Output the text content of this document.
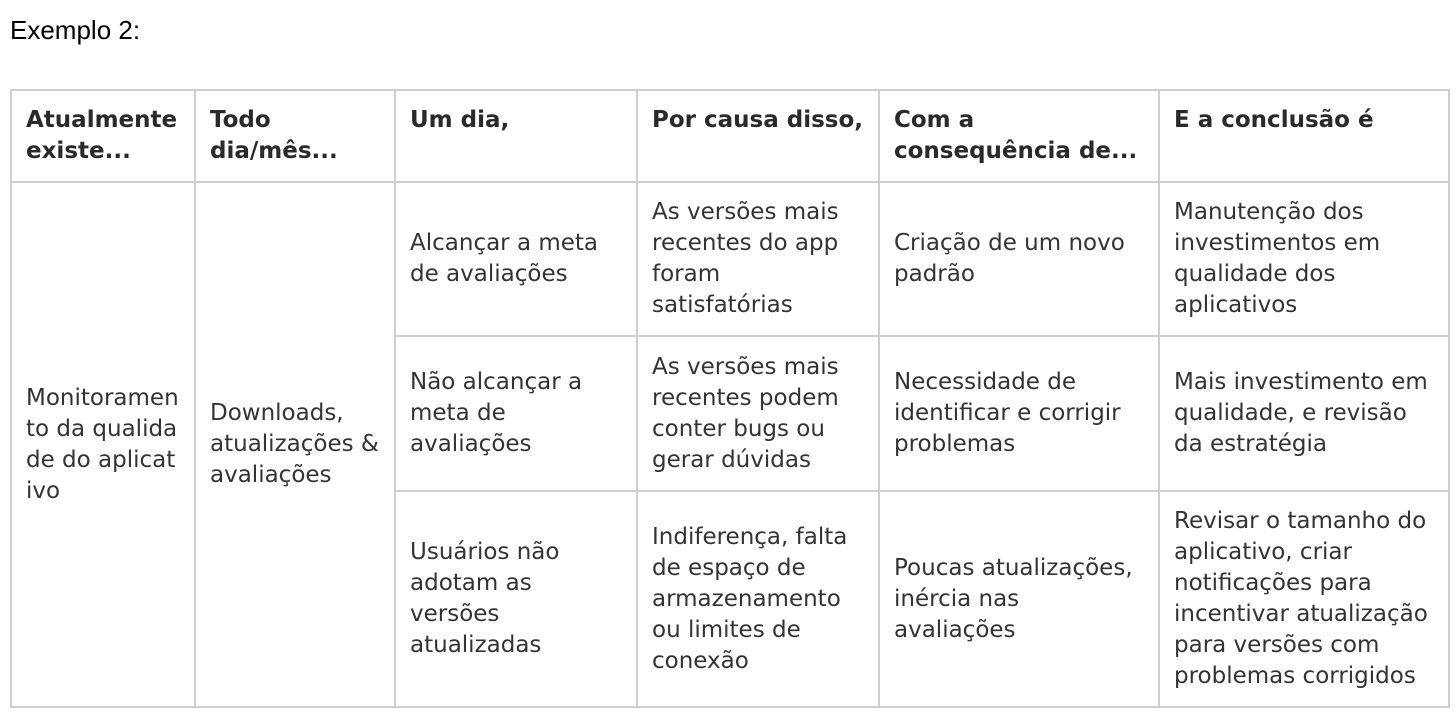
Exemplo 2:
Atualmente existe...	Todo dia/mês...	Um dia,	Por causa disso,	Com a consequência de...	E a conclusão é
Monitoramento da qualidade do aplicativo	Downloads, atualizações & avaliações	Alcançar a meta de avaliações	As versões mais recentes do app foram satisfatórias	Criação de um novo padrão	Manutenção dos investimentos em qualidade dos aplicativos
		Não alcançar a meta de avaliações	As versões mais recentes podem conter bugs ou gerar dúvidas	Necessidade de identificar e corrigir problemas	Mais investimento em qualidade, e revisão da estratégia
		Usuários não adotam as versões atualizadas	Indiferença, falta de espaço de armazenamento ou limites de conexão	Poucas atualizações, inércia nas avaliações	Revisar o tamanho do aplicativo, criar notificações para incentivar atualização para versões com problemas corrigidos
